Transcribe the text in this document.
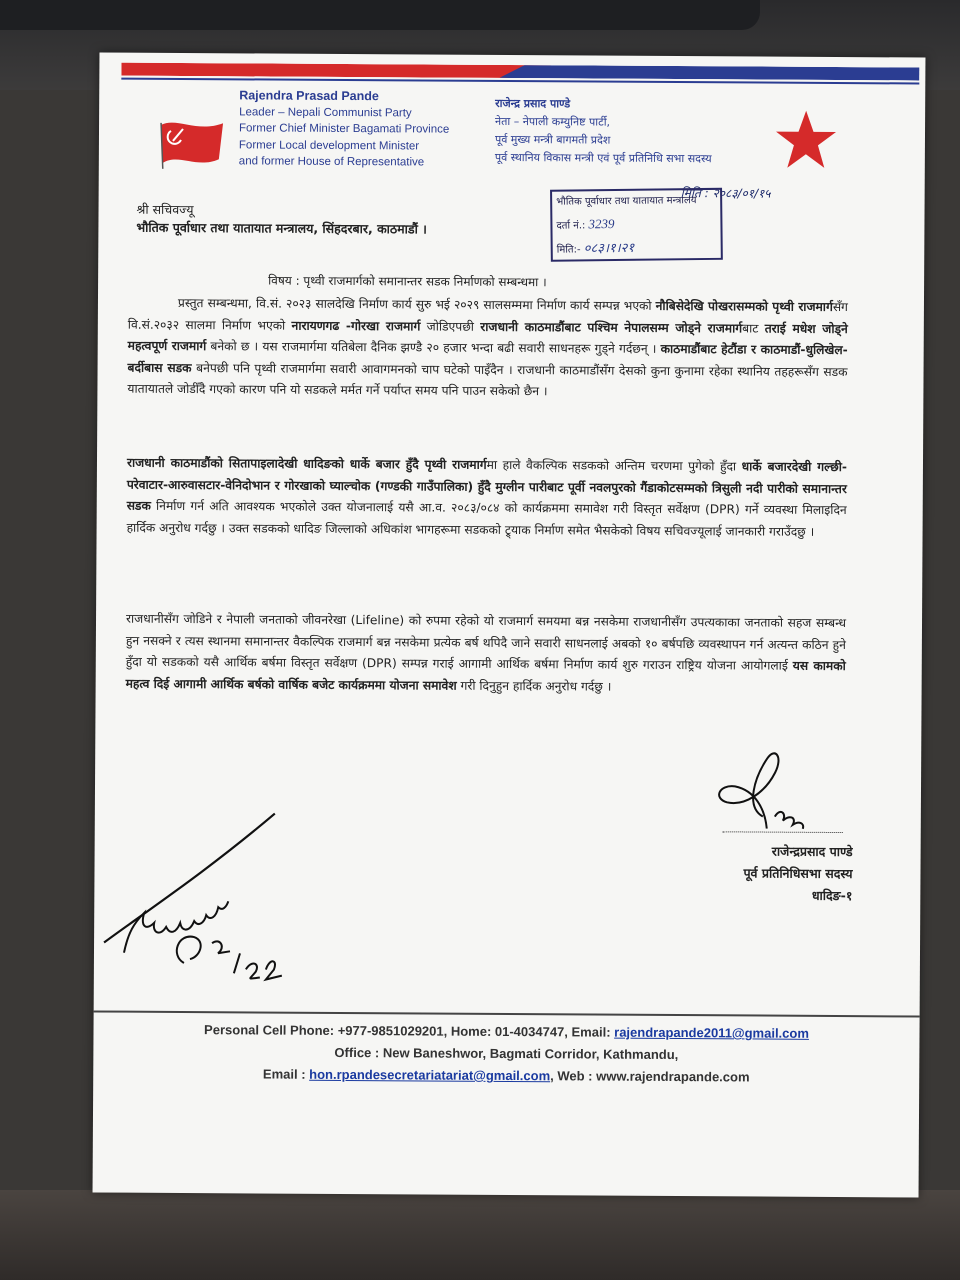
Rajendra Prasad Pande
Leader – Nepali Communist Party
Former Chief Minister Bagamati Province
Former Local development Minister
and former House of Representative
राजेन्द्र प्रसाद पाण्डे
नेता – नेपाली कम्युनिष्ट पार्टी,
पूर्व मुख्य मन्त्री बागमती प्रदेश
पूर्व स्थानिय विकास मन्त्री एवं पूर्व प्रतिनिधि सभा सदस्य
मिति : २०८३/०१/१५
भौतिक पूर्वाधार तथा यातायात मन्त्रालय
दर्ता नं.: 3239
मिति:- ०८३।१।२१
श्री सचिवज्यू
भौतिक पूर्वाधार तथा यातायात मन्त्रालय, सिंहदरबार, काठमाडौं ।
विषय : पृथ्वी राजमार्गको समानान्तर सडक निर्माणको सम्बन्धमा ।
प्रस्तुत सम्बन्धमा, वि.सं. २०२३ सालदेखि निर्माण कार्य सुरु भई २०२९ सालसम्ममा निर्माण कार्य सम्पन्न भएको नौबिसेदेखि पोखरासम्मको पृथ्वी राजमार्गसँग वि.सं.२०३२ सालमा निर्माण भएको नारायणगढ -गोरखा राजमार्ग जोडिएपछी राजधानी काठमाडौंबाट पश्चिम नेपालसम्म जोड्ने राजमार्गबाट तराई मधेश जोड्ने महत्वपूर्ण राजमार्ग बनेको छ । यस राजमार्गमा यतिबेला दैनिक झण्डै २० हजार भन्दा बढी सवारी साधनहरू गुड्ने गर्दछन् । काठमाडौंबाट हेटौंडा र काठमाडौं-धुलिखेल-बर्दीबास सडक बनेपछी पनि पृथ्वी राजमार्गमा सवारी आवागमनको चाप घटेको पाइँदैन । राजधानी काठमाडौंसँग देसको कुना कुनामा रहेका स्थानिय तहहरूसँग सडक यातायातले जोडीँदै गएको कारण पनि यो सडकले मर्मत गर्ने पर्याप्त समय पनि पाउन सकेको छैन ।
राजधानी काठमाडौंको सितापाइलादेखी धादिङको धार्के बजार हुँदै पृथ्वी राजमार्गमा हाले वैकल्पिक सडकको अन्तिम चरणमा पुगेको हुँदा धार्के बजारदेखी गल्छी-परेवाटार-आरुवासटार-वेनिदोभान र गोरखाको घ्याल्चोक (गण्डकी गाउँपालिका) हुँदै मुग्लीन पारीबाट पूर्वी नवलपुरको गैंडाकोटसम्मको त्रिसुली नदी पारीको समानान्तर सडक निर्माण गर्न अति आवश्यक भएकोले उक्त योजनालाई यसै आ.व. २०८३/०८४ को कार्यक्रममा समावेश गरी विस्तृत सर्वेक्षण (DPR) गर्ने व्यवस्था मिलाइदिन हार्दिक अनुरोध गर्दछु । उक्त सडकको धादिङ जिल्लाको अधिकांश भागहरूमा सडकको ट्र्याक निर्माण समेत भैसकेको विषय सचिवज्यूलाई जानकारी गराउँदछु ।
राजधानीसँग जोडिने र नेपाली जनताको जीवनरेखा (Lifeline) को रुपमा रहेको यो राजमार्ग समयमा बन्न नसकेमा राजधानीसँग उपत्यकाका जनताको सहज सम्बन्ध हुन नसक्ने र त्यस स्थानमा समानान्तर वैकल्पिक राजमार्ग बन्न नसकेमा प्रत्येक बर्ष थपिदै जाने सवारी साधनलाई अबको १० बर्षपछि व्यवस्थापन गर्न अत्यन्त कठिन हुने हुँदा यो सडकको यसै आर्थिक बर्षमा विस्तृत सर्वेक्षण (DPR) सम्पन्न गराई आगामी आर्थिक बर्षमा निर्माण कार्य शुरु गराउन राष्ट्रिय योजना आयोगलाई यस कामको महत्व दिई आगामी आर्थिक बर्षको वार्षिक बजेट कार्यक्रममा योजना समावेश गरी दिनुहुन हार्दिक अनुरोध गर्दछु ।
राजेन्द्रप्रसाद पाण्डे
पूर्व प्रतिनिधिसभा सदस्य
धादिङ-१
Personal Cell Phone: +977-9851029201, Home: 01-4034747, Email: rajendrapande2011@gmail.com
Office : New Baneshwor, Bagmati Corridor, Kathmandu,
Email : hon.rpandesecretariatariat@gmail.com, Web : www.rajendrapande.com
